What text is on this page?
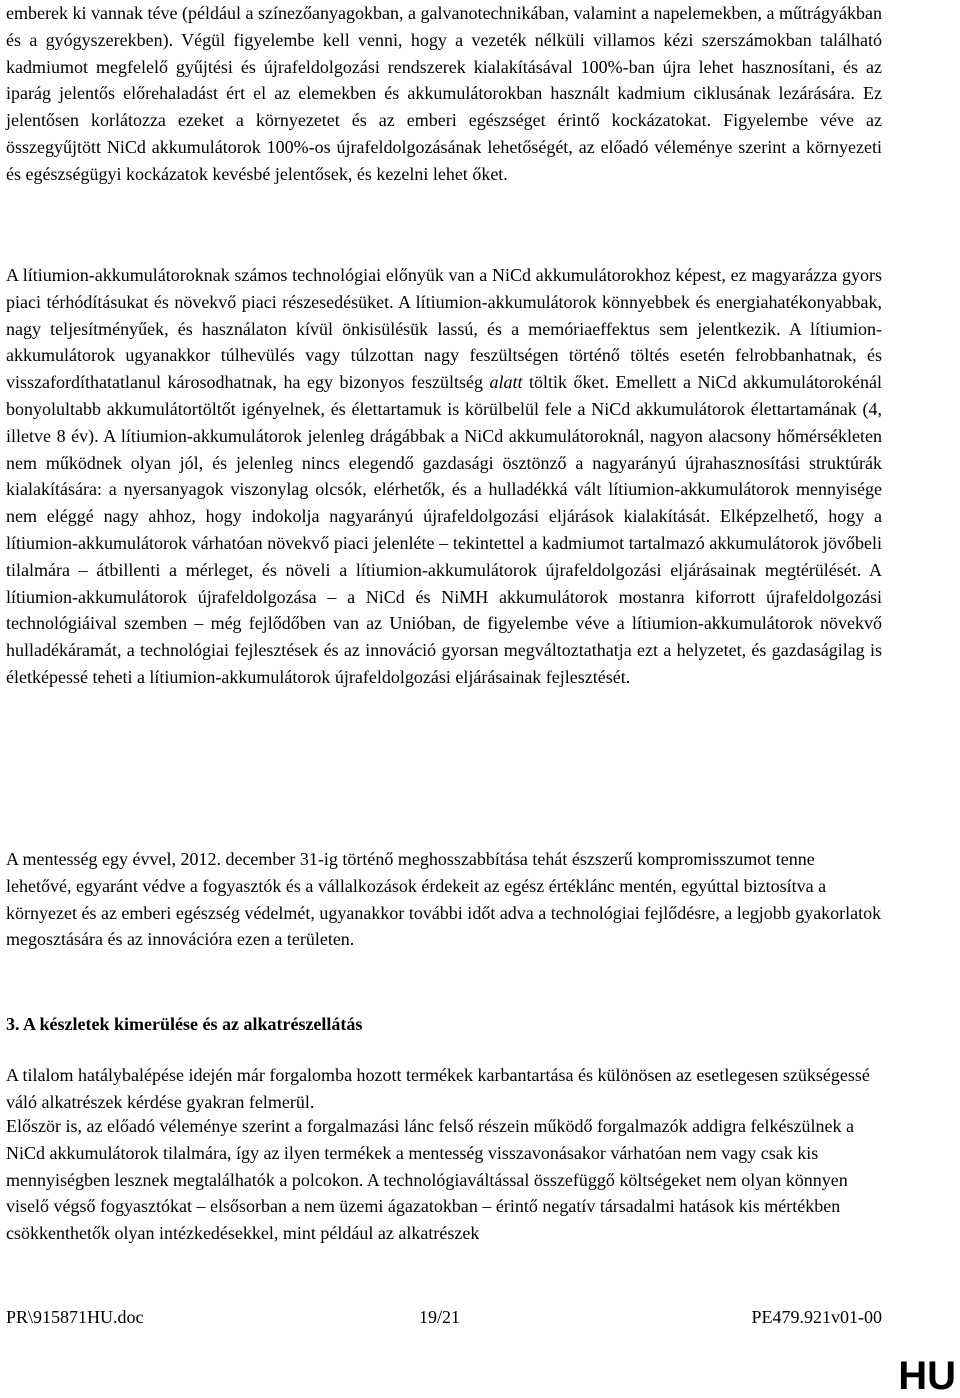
emberek ki vannak téve (például a színezőanyagokban, a galvanotechnikában, valamint a napelemekben, a műtrágyákban és a gyógyszerekben). Végül figyelembe kell venni, hogy a vezeték nélküli villamos kézi szerszámokban található kadmiumot megfelelő gyűjtési és újrafeldolgozási rendszerek kialakításával 100%-ban újra lehet hasznosítani, és az iparág jelentős előrehaladást ért el az elemekben és akkumulátorokban használt kadmium ciklusának lezárására. Ez jelentősen korlátozza ezeket a környezetet és az emberi egészséget érintő kockázatokat. Figyelembe véve az összegyűjtött NiCd akkumulátorok 100%-os újrafeldolgozásának lehetőségét, az előadó véleménye szerint a környezeti és egészségügyi kockázatok kevésbé jelentősek, és kezelni lehet őket.

A lítiumion-akkumulátoroknak számos technológiai előnyük van a NiCd akkumulátorokhoz képest, ez magyarázza gyors piaci térhódításukat és növekvő piaci részesedésüket. A lítiumion-akkumulátorok könnyebbek és energiahatékonyabbak, nagy teljesítményűek, és használaton kívül önkisülésük lassú, és a memóriaeffektus sem jelentkezik. A lítiumion-akkumulátorok ugyanakkor túlhevülés vagy túlzottan nagy feszültségen történő töltés esetén felrobbanhatnak, és visszafordíthatatlanul károsodhatnak, ha egy bizonyos feszültség alatt töltik őket. Emellett a NiCd akkumulátorokénál bonyolultabb akkumulátortöltőt igényelnek, és élettartamuk is körülbelül fele a NiCd akkumulátorok élettartamának (4, illetve 8 év). A lítiumion-akkumulátorok jelenleg drágábbak a NiCd akkumulátoroknál, nagyon alacsony hőmérsékleten nem működnek olyan jól, és jelenleg nincs elegendő gazdasági ösztönző a nagyarányú újrahasznosítási struktúrák kialakítására: a nyersanyagok viszonylag olcsók, elérhetők, és a hulladékká vált lítiumion-akkumulátorok mennyisége nem eléggé nagy ahhoz, hogy indokolja nagyarányú újrafeldolgozási eljárások kialakítását. Elképzelhető, hogy a lítiumion-akkumulátorok várhatóan növekvő piaci jelenléte – tekintettel a kadmiumot tartalmazó akkumulátorok jövőbeli tilalmára – átbillenti a mérleget, és növeli a lítiumion-akkumulátorok újrafeldolgozási eljárásainak megtérülését. A lítiumion-akkumulátorok újrafeldolgozása – a NiCd és NiMH akkumulátorok mostanra kiforrott újrafeldolgozási technológiáival szemben – még fejlődőben van az Unióban, de figyelembe véve a lítiumion-akkumulátorok növekvő hulladékáramát, a technológiai fejlesztések és az innováció gyorsan megváltoztathatja ezt a helyzetet, és gazdaságilag is életképessé teheti a lítiumion-akkumulátorok újrafeldolgozási eljárásainak fejlesztését.

A mentesség egy évvel, 2012. december 31-ig történő meghosszabbítása tehát észszerű kompromisszumot tenne lehetővé, egyaránt védve a fogyasztók és a vállalkozások érdekeit az egész értéklánc mentén, egyúttal biztosítva a környezet és az emberi egészség védelmét, ugyanakkor további időt adva a technológiai fejlődésre, a legjobb gyakorlatok megosztására és az innovációra ezen a területen.

3. A készletek kimerülése és az alkatrészellátás

A tilalom hatálybalépése idején már forgalomba hozott termékek karbantartása és különösen az esetlegesen szükségessé váló alkatrészek kérdése gyakran felmerül.

Először is, az előadó véleménye szerint a forgalmazási lánc felső részein működő forgalmazók addigra felkészülnek a NiCd akkumulátorok tilalmára, így az ilyen termékek a mentesség visszavonásakor várhatóan nem vagy csak kis mennyiségben lesznek megtalálhatók a polcokon. A technológiaváltással összefüggő költségeket nem olyan könnyen viselő végső fogyasztókat – elsősorban a nem üzemi ágazatokban – érintő negatív társadalmi hatások kis mértékben csökkenthetők olyan intézkedésekkel, mint például az alkatrészek

PR\915871HU.doc	19/21	PE479.921v01-00
HU
